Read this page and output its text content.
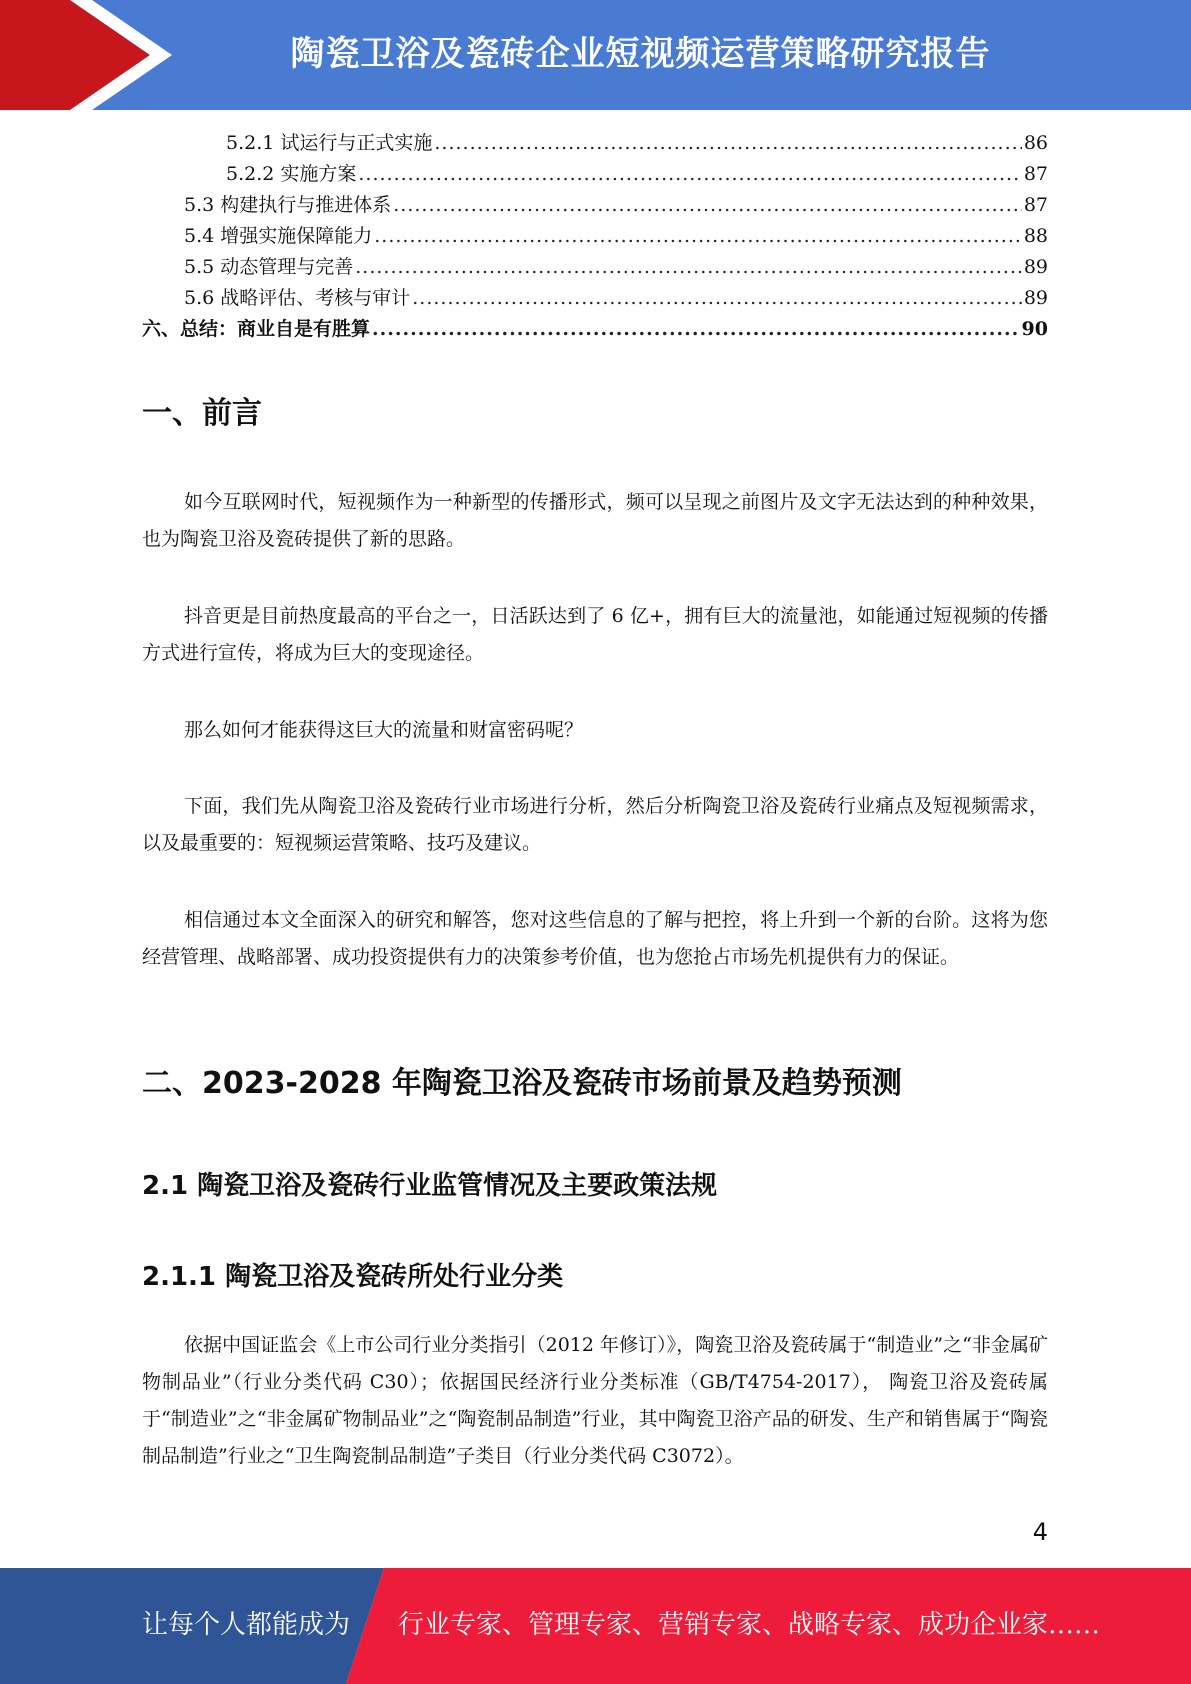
陶瓷卫浴及瓷砖企业短视频运营策略研究报告
5.2.1 试运行与正式实施 .....	86
5.2.2 实施方案 .....	87
5.3 构建执行与推进体系 .....	87
5.4 增强实施保障能力 .....	88
5.5 动态管理与完善 .....	89
5.6 战略评估、考核与审计 .....	89
六、总结：商业自是有胜算 .....	90
一、前言

如今互联网时代，短视频作为一种新型的传播形式，频可以呈现之前图片及文字无法达到的种种效果，也为陶瓷卫浴及瓷砖提供了新的思路。

抖音更是目前热度最高的平台之一，日活跃达到了 6 亿+，拥有巨大的流量池，如能通过短视频的传播方式进行宣传，将成为巨大的变现途径。

那么如何才能获得这巨大的流量和财富密码呢？

下面，我们先从陶瓷卫浴及瓷砖行业市场进行分析，然后分析陶瓷卫浴及瓷砖行业痛点及短视频需求，以及最重要的：短视频运营策略、技巧及建议。

相信通过本文全面深入的研究和解答，您对这些信息的了解与把控，将上升到一个新的台阶。这将为您经营管理、战略部署、成功投资提供有力的决策参考价值，也为您抢占市场先机提供有力的保证。

二、2023-2028 年陶瓷卫浴及瓷砖市场前景及趋势预测
2.1 陶瓷卫浴及瓷砖行业监管情况及主要政策法规
2.1.1 陶瓷卫浴及瓷砖所处行业分类

依据中国证监会《上市公司行业分类指引（2012 年修订）》，陶瓷卫浴及瓷砖属于“制造业”之“非金属矿物制品业”（行业分类代码 C30）；依据国民经济行业分类标准（GB/T4754-2017）， 陶瓷卫浴及瓷砖属于“制造业”之“非金属矿物制品业”之“陶瓷制品制造”行业，其中陶瓷卫浴产品的研发、生产和销售属于“陶瓷制品制造”行业之“卫生陶瓷制品制造”子类目（行业分类代码 C3072）。

4
让每个人都能成为 行业专家、管理专家、营销专家、战略专家、成功企业家……
